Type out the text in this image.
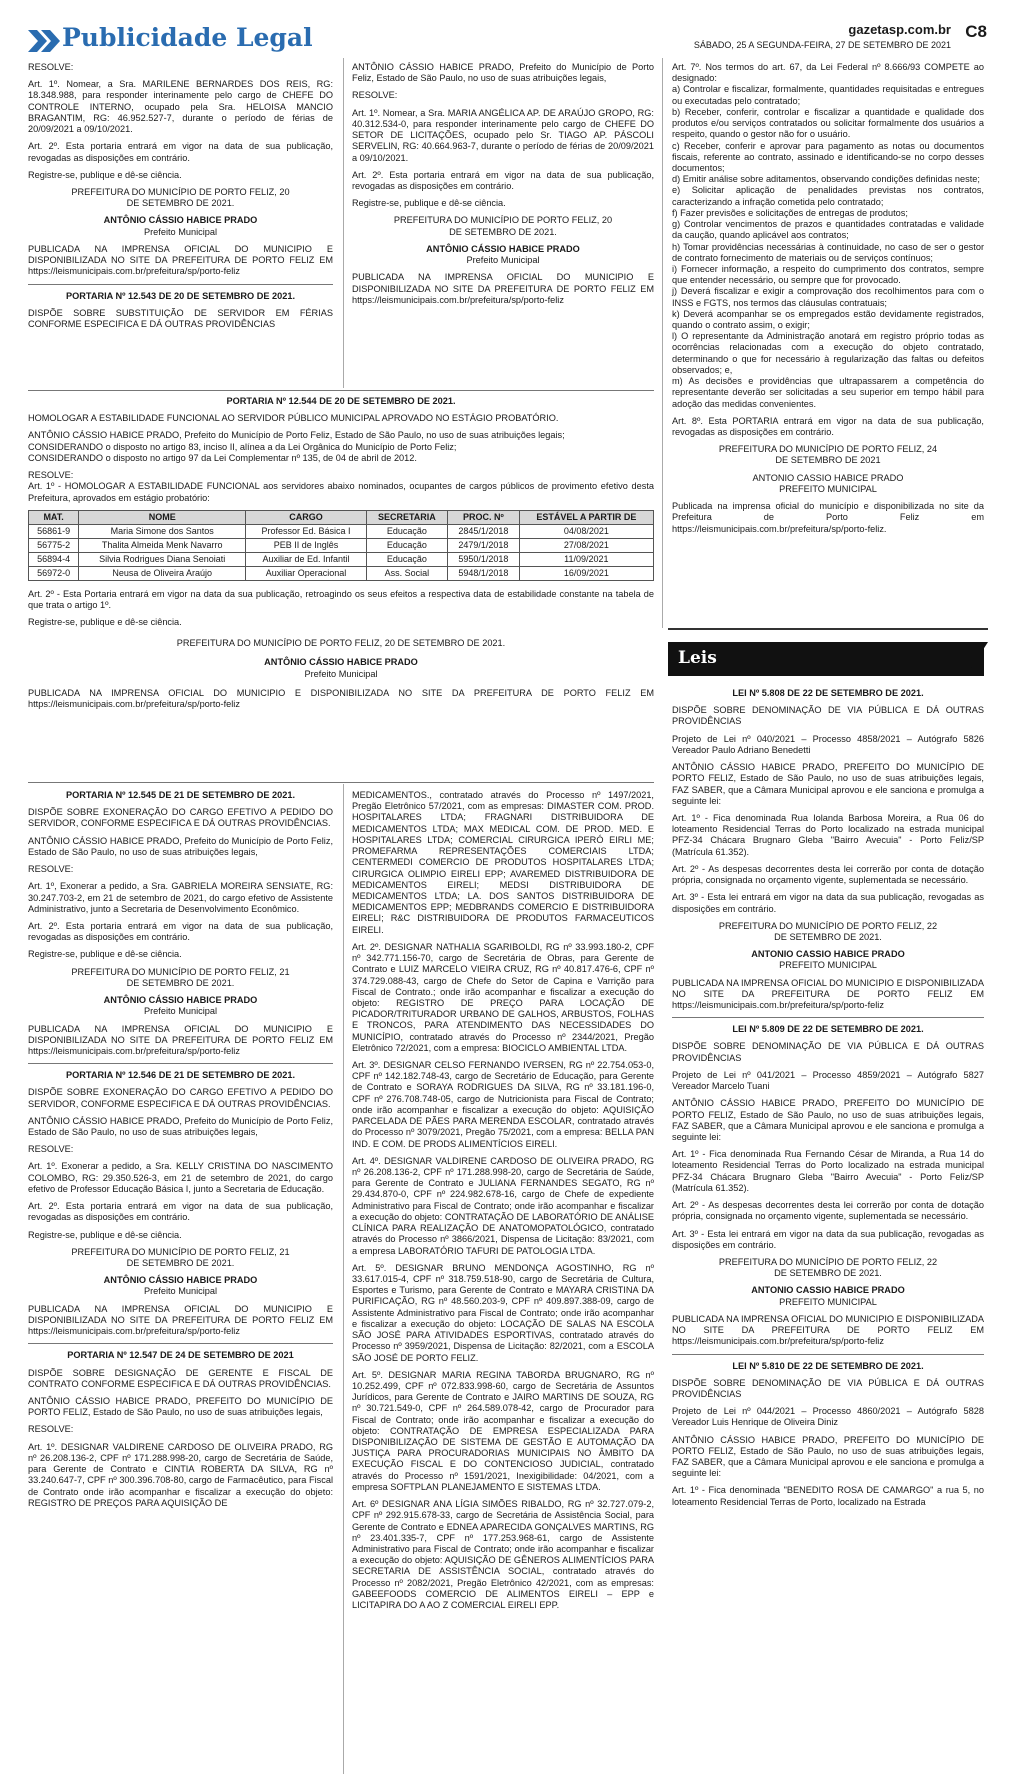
Publicidade Legal	gazetasp.com.br C8
SÁBADO, 25 A SEGUNDA-FEIRA, 27 DE SETEMBRO DE 2021

RESOLVE:

Art. 1º. Nomear, a Sra. MARILENE BERNARDES DOS REIS, RG: 18.348.988, para responder interinamente pelo cargo de CHEFE DO CONTROLE INTERNO, ocupado pela Sra. HELOISA MANCIO BRAGANTIM, RG: 46.952.527-7, durante o período de férias de 20/09/2021 a 09/10/2021.

Art. 2º. Esta portaria entrará em vigor na data de sua publicação, revogadas as disposições em contrário.

Registre-se, publique e dê-se ciência.

PREFEITURA DO MUNICÍPIO DE PORTO FELIZ, 20 DE SETEMBRO DE 2021.

ANTÔNIO CÁSSIO HABICE PRADO

Prefeito Municipal

PUBLICADA NA IMPRENSA OFICIAL DO MUNICIPIO E DISPONIBILIZADA NO SITE DA PREFEITURA DE PORTO FELIZ EM https://leismunicipais.com.br/prefeitura/sp/porto-feliz

PORTARIA Nº 12.543 DE 20 DE SETEMBRO DE 2021.

DISPÕE SOBRE SUBSTITUIÇÃO DE SERVIDOR EM FÉRIAS CONFORME ESPECIFICA E DÁ OUTRAS PROVIDÊNCIAS

ANTÔNIO CÁSSIO HABICE PRADO, Prefeito do Município de Porto Feliz, Estado de São Paulo, no uso de suas atribuições legais,

RESOLVE:

Art. 1º. Nomear, a Sra. MARIA ANGÉLICA AP. DE ARAÚJO GROPO, RG: 40.312.534-0, para responder interinamente pelo cargo de CHEFE DO SETOR DE LICITAÇÕES, ocupado pelo Sr. TIAGO AP. PÁSCOLI SERVELIN, RG: 40.664.963-7, durante o período de férias de 20/09/2021 a 09/10/2021.

Art. 2º. Esta portaria entrará em vigor na data de sua publicação, revogadas as disposições em contrário.

Registre-se, publique e dê-se ciência.

PREFEITURA DO MUNICÍPIO DE PORTO FELIZ, 20 DE SETEMBRO DE 2021.

ANTÔNIO CÁSSIO HABICE PRADO

Prefeito Municipal

PUBLICADA NA IMPRENSA OFICIAL DO MUNICIPIO E DISPONIBILIZADA NO SITE DA PREFEITURA DE PORTO FELIZ EM https://leismunicipais.com.br/prefeitura/sp/porto-feliz

PORTARIA Nº 12.544 DE 20 DE SETEMBRO DE 2021.

HOMOLOGAR A ESTABILIDADE FUNCIONAL AO SERVIDOR PÚBLICO MUNICIPAL APROVADO NO ESTÁGIO PROBATÓRIO.

ANTÔNIO CÁSSIO HABICE PRADO, Prefeito do Município de Porto Feliz, Estado de São Paulo, no uso de suas atribuições legais;

CONSIDERANDO o disposto no artigo 83, inciso II, alínea a da Lei Orgânica do Município de Porto Feliz;

CONSIDERANDO o disposto no artigo 97 da Lei Complementar nº 135, de 04 de abril de 2012.

RESOLVE:

Art. 1º - HOMOLOGAR A ESTABILIDADE FUNCIONAL aos servidores abaixo nominados, ocupantes de cargos públicos de provimento efetivo desta Prefeitura, aprovados em estágio probatório:

MAT.	NOME	CARGO	SECRETARIA	PROC. Nº	ESTÁVEL A PARTIR DE
56861-9	Maria Simone dos Santos	Professor Ed. Básica I	Educação	2845/1/2018	04/08/2021
56775-2	Thalita Almeida Menk Navarro	PEB II de Inglês	Educação	2479/1/2018	27/08/2021
56894-4	Silvia Rodrigues Diana Senoiati	Auxiliar de Ed. Infantil	Educação	5950/1/2018	11/09/2021
56972-0	Neusa de Oliveira Araújo	Auxiliar Operacional	Ass. Social	5948/1/2018	16/09/2021

Art. 2º - Esta Portaria entrará em vigor na data da sua publicação, retroagindo os seus efeitos a respectiva data de estabilidade constante na tabela de que trata o artigo 1º.

Registre-se, publique e dê-se ciência.

PREFEITURA DO MUNICÍPIO DE PORTO FELIZ, 20 DE SETEMBRO DE 2021.

ANTÔNIO CÁSSIO HABICE PRADO

Prefeito Municipal

PUBLICADA NA IMPRENSA OFICIAL DO MUNICIPIO E DISPONIBILIZADA NO SITE DA PREFEITURA DE PORTO FELIZ EM https://leismunicipais.com.br/prefeitura/sp/porto-feliz

PORTARIA Nº 12.545 DE 21 DE SETEMBRO DE 2021.

DISPÕE SOBRE EXONERAÇÃO DO CARGO EFETIVO A PEDIDO DO SERVIDOR, CONFORME ESPECIFICA E DÁ OUTRAS PROVIDÊNCIAS.

ANTÔNIO CÁSSIO HABICE PRADO, Prefeito do Município de Porto Feliz, Estado de São Paulo, no uso de suas atribuições legais,

RESOLVE:

Art. 1º, Exonerar a pedido, a Sra. GABRIELA MOREIRA SENSIATE, RG: 30.247.703-2, em 21 de setembro de 2021, do cargo efetivo de Assistente Administrativo, junto a Secretaria de Desenvolvimento Econômico.

Art. 2º. Esta portaria entrará em vigor na data de sua publicação, revogadas as disposições em contrário.

Registre-se, publique e dê-se ciência.

PREFEITURA DO MUNICÍPIO DE PORTO FELIZ, 21 DE SETEMBRO DE 2021.

ANTÔNIO CÁSSIO HABICE PRADO

Prefeito Municipal

PUBLICADA NA IMPRENSA OFICIAL DO MUNICIPIO E DISPONIBILIZADA NO SITE DA PREFEITURA DE PORTO FELIZ EM https://leismunicipais.com.br/prefeitura/sp/porto-feliz

PORTARIA Nº 12.546 DE 21 DE SETEMBRO DE 2021.

DISPÕE SOBRE EXONERAÇÃO DO CARGO EFETIVO A PEDIDO DO SERVIDOR, CONFORME ESPECIFICA E DÁ OUTRAS PROVIDÊNCIAS.

ANTÔNIO CÁSSIO HABICE PRADO, Prefeito do Município de Porto Feliz, Estado de São Paulo, no uso de suas atribuições legais,

RESOLVE:

Art. 1º. Exonerar a pedido, a Sra. KELLY CRISTINA DO NASCIMENTO COLOMBO, RG: 29.350.526-3, em 21 de setembro de 2021, do cargo efetivo de Professor Educação Básica I, junto a Secretaria de Educação.

Art. 2º. Esta portaria entrará em vigor na data de sua publicação, revogadas as disposições em contrário.

Registre-se, publique e dê-se ciência.

PREFEITURA DO MUNICÍPIO DE PORTO FELIZ, 21 DE SETEMBRO DE 2021.

ANTÔNIO CÁSSIO HABICE PRADO

Prefeito Municipal

PUBLICADA NA IMPRENSA OFICIAL DO MUNICIPIO E DISPONIBILIZADA NO SITE DA PREFEITURA DE PORTO FELIZ EM https://leismunicipais.com.br/prefeitura/sp/porto-feliz

PORTARIA Nº 12.547 DE 24 DE SETEMBRO DE 2021

DISPÕE SOBRE DESIGNAÇÃO DE GERENTE E FISCAL DE CONTRATO CONFORME ESPECIFICA E DÁ OUTRAS PROVIDÊNCIAS.

ANTÔNIO CÁSSIO HABICE PRADO, PREFEITO DO MUNICÍPIO DE PORTO FELIZ, Estado de São Paulo, no uso de suas atribuições legais,

RESOLVE:

Art. 1º. DESIGNAR VALDIRENE CARDOSO DE OLIVEIRA PRADO, RG nº 26.208.136-2, CPF nº 171.288.998-20, cargo de Secretária de Saúde, para Gerente de Contrato e CINTIA ROBERTA DA SILVA, RG nº 33.240.647-7, CPF nº 300.396.708-80, cargo de Farmacêutico, para Fiscal de Contrato onde irão acompanhar e fiscalizar a execução do objeto: REGISTRO DE PREÇOS PARA AQUISIÇÃO DE

MEDICAMENTOS., contratado através do Processo nº 1497/2021, Pregão Eletrônico 57/2021, com as empresas: DIMASTER COM. PROD. HOSPITALARES LTDA; FRAGNARI DISTRIBUIDORA DE MEDICAMENTOS LTDA; MAX MEDICAL COM. DE PROD. MED. E HOSPITALARES LTDA; COMERCIAL CIRURGICA IPERÓ EIRLI ME; PROMEFARMA REPRESENTAÇÕES COMERCIAIS LTDA; CENTERMEDI COMERCIO DE PRODUTOS HOSPITALARES LTDA; CIRURGICA OLIMPIO EIRELI EPP; AVAREMED DISTRIBUIDORA DE MEDICAMENTOS EIRELI; MEDSI DISTRIBUIDORA DE MEDICAMENTOS LTDA; LA. DOS SANTOS DISTRIBUIDORA DE MEDICAMENTOS EPP; MEDBRANDS COMERCIO E DISTRIBUIDORA EIRELI; R&C DISTRIBUIDORA DE PRODUTOS FARMACEUTICOS EIRELI.

Art. 2º. DESIGNAR NATHALIA SGARIBOLDI, RG nº 33.993.180-2, CPF nº 342.771.156-70, cargo de Secretária de Obras, para Gerente de Contrato e LUIZ MARCELO VIEIRA CRUZ, RG nº 40.817.476-6, CPF nº 374.729.088-43, cargo de Chefe do Setor de Capina e Varrição para Fiscal de Contrato.; onde irão acompanhar e fiscalizar a execução do objeto: REGISTRO DE PREÇO PARA LOCAÇÃO DE PICADOR/TRITURADOR URBANO DE GALHOS, ARBUSTOS, FOLHAS E TRONCOS, PARA ATENDIMENTO DAS NECESSIDADES DO MUNICÍPIO, contratado através do Processo nº 2344/2021, Pregão Eletrônico 72/2021, com a empresa: BIOCICLO AMBIENTAL LTDA.

Art. 3º. DESIGNAR CELSO FERNANDO IVERSEN, RG nº 22.754.053-0, CPF nº 142.182.748-43, cargo de Secretário de Educação, para Gerente de Contrato e SORAYA RODRIGUES DA SILVA, RG nº 33.181.196-0, CPF nº 276.708.748-05, cargo de Nutricionista para Fiscal de Contrato; onde irão acompanhar e fiscalizar a execução do objeto: AQUISIÇÃO PARCELADA DE PÃES PARA MERENDA ESCOLAR, contratado através do Processo nº 3079/2021, Pregão 75/2021, com a empresa: BELLA PAN IND. E COM. DE PRODS ALIMENTÍCIOS EIRELI.

Art. 4º. DESIGNAR VALDIRENE CARDOSO DE OLIVEIRA PRADO, RG nº 26.208.136-2, CPF nº 171.288.998-20, cargo de Secretária de Saúde, para Gerente de Contrato e JULIANA FERNANDES SEGATO, RG nº 29.434.870-0, CPF nº 224.982.678-16, cargo de Chefe de expediente Administrativo para Fiscal de Contrato; onde irão acompanhar e fiscalizar a execução do objeto: CONTRATAÇÃO DE LABORATÓRIO DE ANÁLISE CLÍNICA PARA REALIZAÇÃO DE ANATOMOPATOLÓGICO, contratado através do Processo nº 3866/2021, Dispensa de Licitação: 83/2021, com a empresa LABORATÓRIO TAFURI DE PATOLOGIA LTDA.

Art. 5º. DESIGNAR BRUNO MENDONÇA AGOSTINHO, RG nº 33.617.015-4, CPF nº 318.759.518-90, cargo de Secretária de Cultura, Esportes e Turismo, para Gerente de Contrato e MAYARA CRISTINA DA PURIFICAÇÃO, RG nº 48.560.203-9, CPF nº 409.897.388-09, cargo de Assistente Administrativo para Fiscal de Contrato; onde irão acompanhar e fiscalizar a execução do objeto: LOCAÇÃO DE SALAS NA ESCOLA SÃO JOSÉ PARA ATIVIDADES ESPORTIVAS, contratado através do Processo nº 3959/2021, Dispensa de Licitação: 82/2021, com a ESCOLA SÃO JOSÉ DE PORTO FELIZ.

Art. 5º. DESIGNAR MARIA REGINA TABORDA BRUGNARO, RG nº 10.252.499, CPF nº 072.833.998-60, cargo de Secretária de Assuntos Jurídicos, para Gerente de Contrato e JAIRO MARTINS DE SOUZA, RG nº 30.721.549-0, CPF nº 264.589.078-42, cargo de Procurador para Fiscal de Contrato; onde irão acompanhar e fiscalizar a execução do objeto: CONTRATAÇÃO DE EMPRESA ESPECIALIZADA PARA DISPONIBILIZAÇÃO DE SISTEMA DE GESTÃO E AUTOMAÇÃO DA JUSTIÇA PARA PROCURADORIAS MUNICIPAIS NO ÂMBITO DA EXECUÇÃO FISCAL E DO CONTENCIOSO JUDICIAL, contratado através do Processo nº 1591/2021, Inexigibilidade: 04/2021, com a empresa SOFTPLAN PLANEJAMENTO E SISTEMAS LTDA.

Art. 6º DESIGNAR ANA LÍGIA SIMÕES RIBALDO, RG nº 32.727.079-2, CPF nº 292.915.678-33, cargo de Secretária de Assistência Social, para Gerente de Contrato e EDNEA APARECIDA GONÇALVES MARTINS, RG nº 23.401.335-7, CPF nº 177.253.968-61, cargo de Assistente Administrativo para Fiscal de Contrato; onde irão acompanhar e fiscalizar a execução do objeto: AQUISIÇÃO DE GÊNEROS ALIMENTÍCIOS PARA SECRETARIA DE ASSISTÊNCIA SOCIAL, contratado através do Processo nº 2082/2021, Pregão Eletrônico 42/2021, com as empresas: GABEEFOODS COMERCIO DE ALIMENTOS EIRELI – EPP e LICITAPIRA DO A AO Z COMERCIAL EIRELI EPP.

Art. 7º. Nos termos do art. 67, da Lei Federal nº 8.666/93 COMPETE ao designado:

a) Controlar e fiscalizar, formalmente, quantidades requisitadas e entregues ou executadas pelo contratado;

b) Receber, conferir, controlar e fiscalizar a quantidade e qualidade dos produtos e/ou serviços contratados ou solicitar formalmente dos usuários a respeito, quando o gestor não for o usuário.

c) Receber, conferir e aprovar para pagamento as notas ou documentos fiscais, referente ao contrato, assinado e identificando-se no corpo desses documentos;

d) Emitir análise sobre aditamentos, observando condições definidas neste;

e) Solicitar aplicação de penalidades previstas nos contratos, caracterizando a infração cometida pelo contratado;

f) Fazer previsões e solicitações de entregas de produtos;

g) Controlar vencimentos de prazos e quantidades contratadas e validade da caução, quando aplicável aos contratos;

h) Tomar providências necessárias à continuidade, no caso de ser o gestor de contrato fornecimento de materiais ou de serviços contínuos;

i) Fornecer informação, a respeito do cumprimento dos contratos, sempre que entender necessário, ou sempre que for provocado.

j) Deverá fiscalizar e exigir a comprovação dos recolhimentos para com o INSS e FGTS, nos termos das cláusulas contratuais;

k) Deverá acompanhar se os empregados estão devidamente registrados, quando o contrato assim, o exigir;

l) O representante da Administração anotará em registro próprio todas as ocorrências relacionadas com a execução do objeto contratado, determinando o que for necessário à regularização das faltas ou defeitos observados; e,

m) As decisões e providências que ultrapassarem a competência do representante deverão ser solicitadas a seu superior em tempo hábil para adoção das medidas convenientes.

Art. 8º. Esta PORTARIA entrará em vigor na data de sua publicação, revogadas as disposições em contrário.

PREFEITURA DO MUNICÍPIO DE PORTO FELIZ, 24 DE SETEMBRO DE 2021

ANTONIO CASSIO HABICE PRADO

PREFEITO MUNICIPAL

Publicada na imprensa oficial do município e disponibilizada no site da Prefeitura de Porto Feliz em https://leismunicipais.com.br/prefeitura/sp/porto-feliz.

Leis

LEI Nº 5.808 DE 22 DE SETEMBRO DE 2021.

DISPÕE SOBRE DENOMINAÇÃO DE VIA PÚBLICA E DÁ OUTRAS PROVIDÊNCIAS

Projeto de Lei nº 040/2021 – Processo 4858/2021 – Autógrafo 5826 Vereador Paulo Adriano Benedetti

ANTÔNIO CÁSSIO HABICE PRADO, PREFEITO DO MUNICÍPIO DE PORTO FELIZ, Estado de São Paulo, no uso de suas atribuições legais, FAZ SABER, que a Câmara Municipal aprovou e ele sanciona e promulga a seguinte lei:

Art. 1º - Fica denominada Rua Iolanda Barbosa Moreira, a Rua 06 do loteamento Residencial Terras do Porto localizado na estrada municipal PFZ-34 Chácara Brugnaro Gleba "Bairro Avecuia" - Porto Feliz/SP (Matrícula 61.352).

Art. 2º - As despesas decorrentes desta lei correrão por conta de dotação própria, consignada no orçamento vigente, suplementada se necessário.

Art. 3º - Esta lei entrará em vigor na data da sua publicação, revogadas as disposições em contrário.

PREFEITURA DO MUNICÍPIO DE PORTO FELIZ, 22 DE SETEMBRO DE 2021.

ANTONIO CASSIO HABICE PRADO

PREFEITO MUNICIPAL

PUBLICADA NA IMPRENSA OFICIAL DO MUNICIPIO E DISPONIBILIZADA NO SITE DA PREFEITURA DE PORTO FELIZ EM https://leismunicipais.com.br/prefeitura/sp/porto-feliz

LEI Nº 5.809 DE 22 DE SETEMBRO DE 2021.

DISPÕE SOBRE DENOMINAÇÃO DE VIA PÚBLICA E DÁ OUTRAS PROVIDÊNCIAS

Projeto de Lei nº 041/2021 – Processo 4859/2021 – Autógrafo 5827 Vereador Marcelo Tuani

ANTÔNIO CÁSSIO HABICE PRADO, PREFEITO DO MUNICÍPIO DE PORTO FELIZ, Estado de São Paulo, no uso de suas atribuições legais, FAZ SABER, que a Câmara Municipal aprovou e ele sanciona e promulga a seguinte lei:

Art. 1º - Fica denominada Rua Fernando César de Miranda, a Rua 14 do loteamento Residencial Terras do Porto localizado na estrada municipal PFZ-34 Chácara Brugnaro Gleba "Bairro Avecuia" - Porto Feliz/SP (Matrícula 61.352).

Art. 2º - As despesas decorrentes desta lei correrão por conta de dotação própria, consignada no orçamento vigente, suplementada se necessário.

Art. 3º - Esta lei entrará em vigor na data da sua publicação, revogadas as disposições em contrário.

PREFEITURA DO MUNICÍPIO DE PORTO FELIZ, 22 DE SETEMBRO DE 2021.

ANTONIO CASSIO HABICE PRADO

PREFEITO MUNICIPAL

PUBLICADA NA IMPRENSA OFICIAL DO MUNICIPIO E DISPONIBILIZADA NO SITE DA PREFEITURA DE PORTO FELIZ EM https://leismunicipais.com.br/prefeitura/sp/porto-feliz

LEI Nº 5.810 DE 22 DE SETEMBRO DE 2021.

DISPÕE SOBRE DENOMINAÇÃO DE VIA PÚBLICA E DÁ OUTRAS PROVIDÊNCIAS

Projeto de Lei nº 044/2021 – Processo 4860/2021 – Autógrafo 5828 Vereador Luis Henrique de Oliveira Diniz

ANTÔNIO CÁSSIO HABICE PRADO, PREFEITO DO MUNICÍPIO DE PORTO FELIZ, Estado de São Paulo, no uso de suas atribuições legais, FAZ SABER, que a Câmara Municipal aprovou e ele sanciona e promulga a seguinte lei:

Art. 1º - Fica denominada "BENEDITO ROSA DE CAMARGO" a rua 5, no loteamento Residencial Terras de Porto, localizado na Estrada
